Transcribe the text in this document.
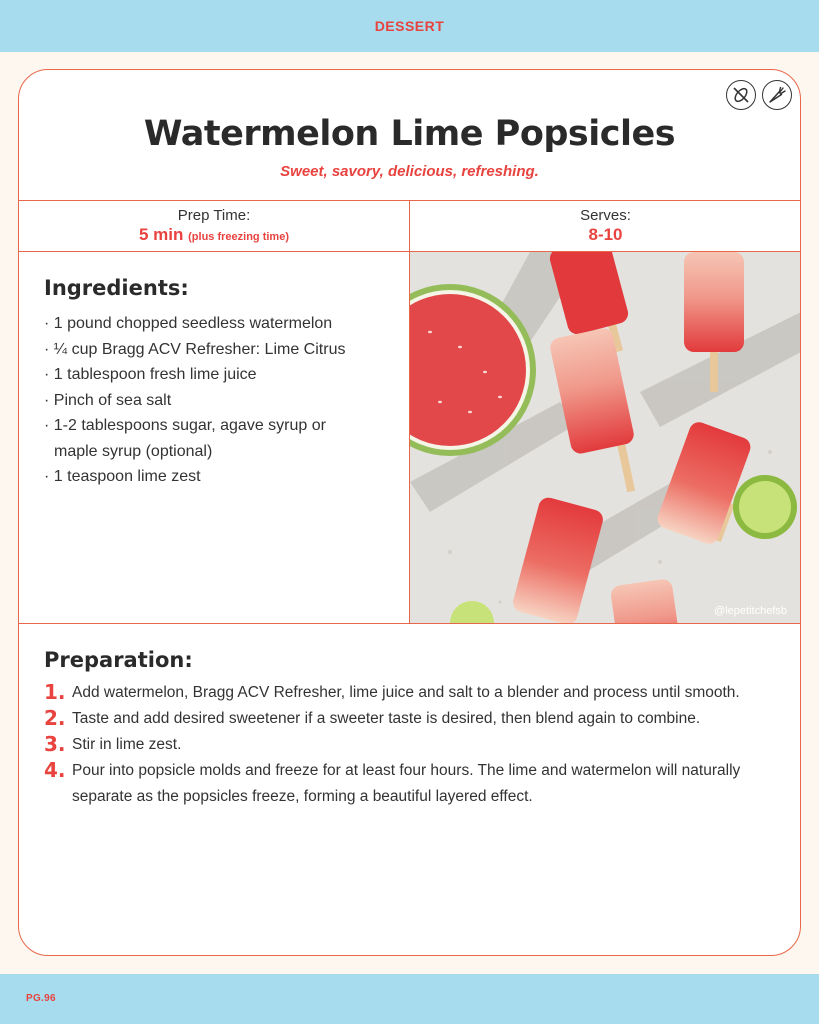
DESSERT
Watermelon Lime Popsicles
Sweet, savory, delicious, refreshing.
Prep Time:
5 min (plus freezing time)
Serves:
8-10
Ingredients:
· 1 pound chopped seedless watermelon
· ¼ cup Bragg ACV Refresher: Lime Citrus
· 1 tablespoon fresh lime juice
· Pinch of sea salt
· 1-2 tablespoons sugar, agave syrup or maple syrup (optional)
· 1 teaspoon lime zest
@lepetitchefsb
Preparation:
1. Add watermelon, Bragg ACV Refresher, lime juice and salt to a blender and process until smooth.
2. Taste and add desired sweetener if a sweeter taste is desired, then blend again to combine.
3. Stir in lime zest.
4. Pour into popsicle molds and freeze for at least four hours. The lime and watermelon will naturally separate as the popsicles freeze, forming a beautiful layered effect.
PG.96
